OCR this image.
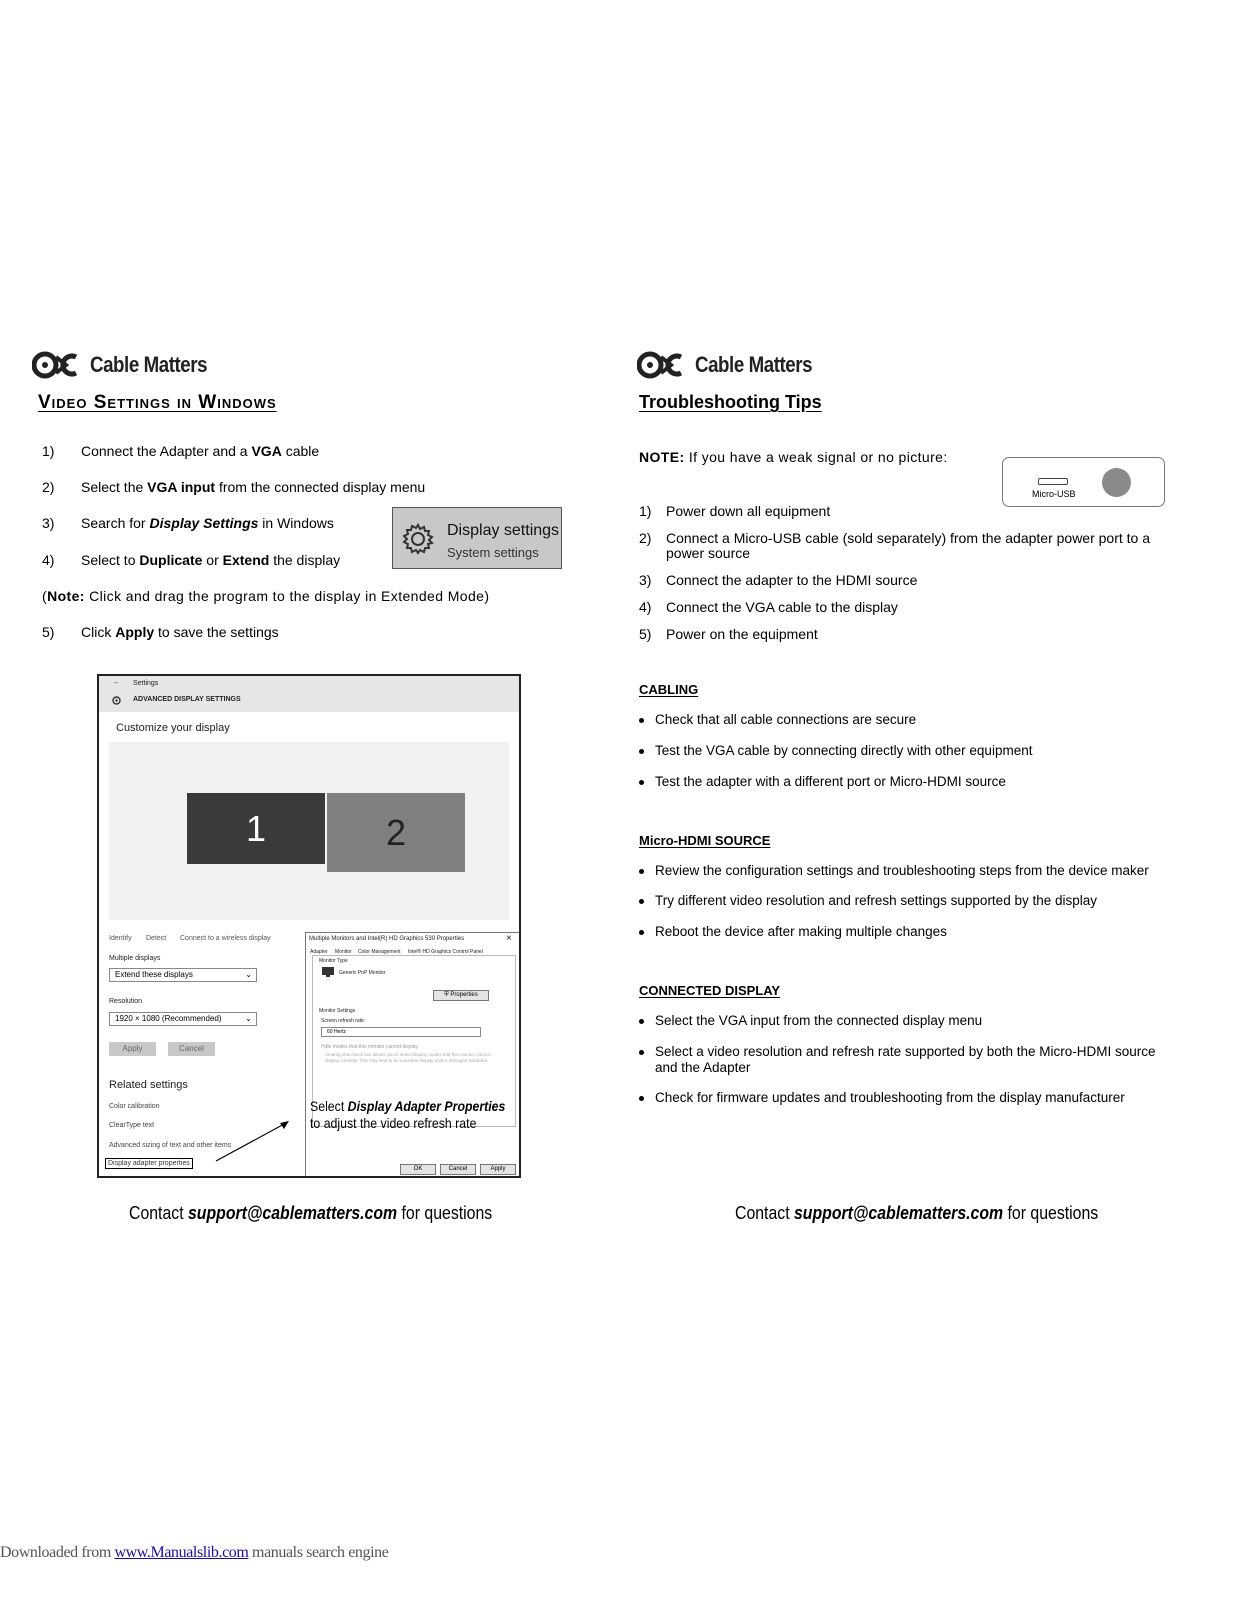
Cable Matters
Video Settings in Windows
1) Connect the Adapter and a VGA cable
2) Select the VGA input from the connected display menu
3) Search for Display Settings in Windows
4) Select to Duplicate or Extend the display
Display settings
System settings
(Note: Click and drag the program to the display in Extended Mode)
5) Click Apply to save the settings
← Settings
ADVANCED DISPLAY SETTINGS
Customize your display
1	2
Identify Detect Connect to a wireless display
Multiple displays
Extend these displays	⌄
Resolution
1920 × 1080 (Recommended)	⌄
Apply	Cancel
Related settings
Color calibration
ClearType text
Advanced sizing of text and other items
Display adapter properties
Multiple Monitors and Intel(R) HD Graphics 530 Properties	×
Adapter Monitor Color Management Intel® HD Graphics Control Panel
Monitor Type
Generic PnP Monitor
⛨ Properties
Monitor Settings
Screen refresh rate:
60 Hertz
Hide modes that this monitor cannot display
Clearing this check box allows you to select display modes that this monitor cannot display correctly. This may lead to an unusable display and/or damaged hardware.
OK	Cancel	Apply
Select Display Adapter Properties
to adjust the video refresh rate
Contact support@cablematters.com for questions
Cable Matters
Troubleshooting Tips
NOTE: If you have a weak signal or no picture:
Micro-USB
1) Power down all equipment
2) Connect a Micro-USB cable (sold separately) from the adapter power port to a
power source
3) Connect the adapter to the HDMI source
4) Connect the VGA cable to the display
5) Power on the equipment
CABLING
Check that all cable connections are secure
Test the VGA cable by connecting directly with other equipment
Test the adapter with a different port or Micro-HDMI source
Micro-HDMI SOURCE
Review the configuration settings and troubleshooting steps from the device maker
Try different video resolution and refresh settings supported by the display
Reboot the device after making multiple changes
CONNECTED DISPLAY
Select the VGA input from the connected display menu
Select a video resolution and refresh rate supported by both the Micro-HDMI source
and the Adapter
Check for firmware updates and troubleshooting from the display manufacturer
Contact support@cablematters.com for questions
Downloaded from www.Manualslib.com manuals search engine
